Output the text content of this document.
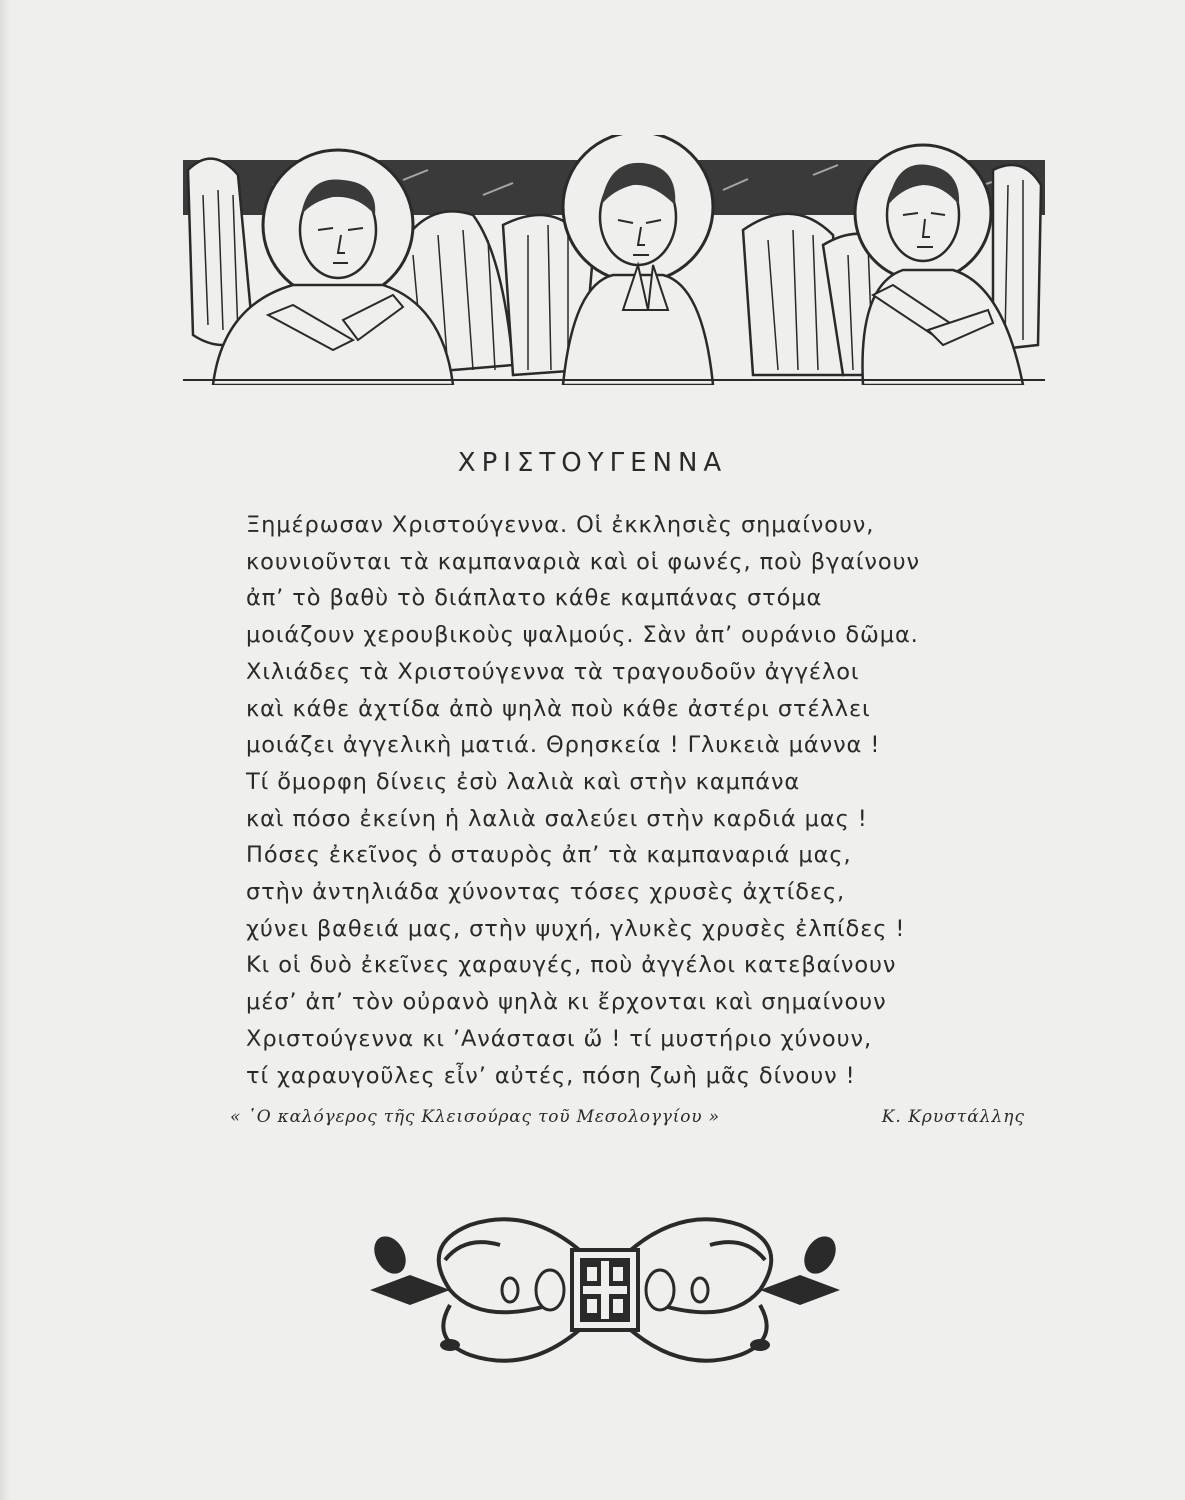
ΧΡΙΣΤΟΥΓΕΝΝΑ
Ξημέρωσαν Χριστούγεννα. Οἱ ἐκκλησιὲς σημαίνουν,
κουνιοῦνται τὰ καμπαναριὰ καὶ οἱ φωνές, ποὺ βγαίνουν
ἀπ’ τὸ βαθὺ τὸ διάπλατο κάθε καμπάνας στόμα
μοιάζουν χερουβικοὺς ψαλμούς. Σὰν ἀπ’ ουράνιο δῶμα.
Χιλιάδες τὰ Χριστούγεννα τὰ τραγουδοῦν ἀγγέλοι
καὶ κάθε ἀχτίδα ἀπὸ ψηλὰ ποὺ κάθε ἀστέρι στέλλει
μοιάζει ἀγγελικὴ ματιά. Θρησκεία ! Γλυκειὰ μάννα !
Τί ὄμορφη δίνεις ἐσὺ λαλιὰ καὶ στὴν καμπάνα
καὶ πόσο ἐκείνη ἡ λαλιὰ σαλεύει στὴν καρδιά μας !
Πόσες ἐκεῖνος ὁ σταυρὸς ἀπ’ τὰ καμπαναριά μας,
στὴν ἀντηλιάδα χύνοντας τόσες χρυσὲς ἀχτίδες,
χύνει βαθειά μας, στὴν ψυχή, γλυκὲς χρυσὲς ἐλπίδες !
Κι οἱ δυὸ ἐκεῖνες χαραυγές, ποὺ ἀγγέλοι κατεβαίνουν
μέσ’ ἀπ’ τὸν οὐρανὸ ψηλὰ κι ἔρχονται καὶ σημαίνουν
Χριστούγεννα κι ’Ανάστασι ὤ ! τί μυστήριο χύνουν,
τί χαραυγοῦλες εἶν’ αὐτές, πόση ζωὴ μᾶς δίνουν !
« ῾Ο καλόγερος τῆς Κλεισούρας τοῦ Μεσολογγίου »	Κ. Κρυστάλλης
